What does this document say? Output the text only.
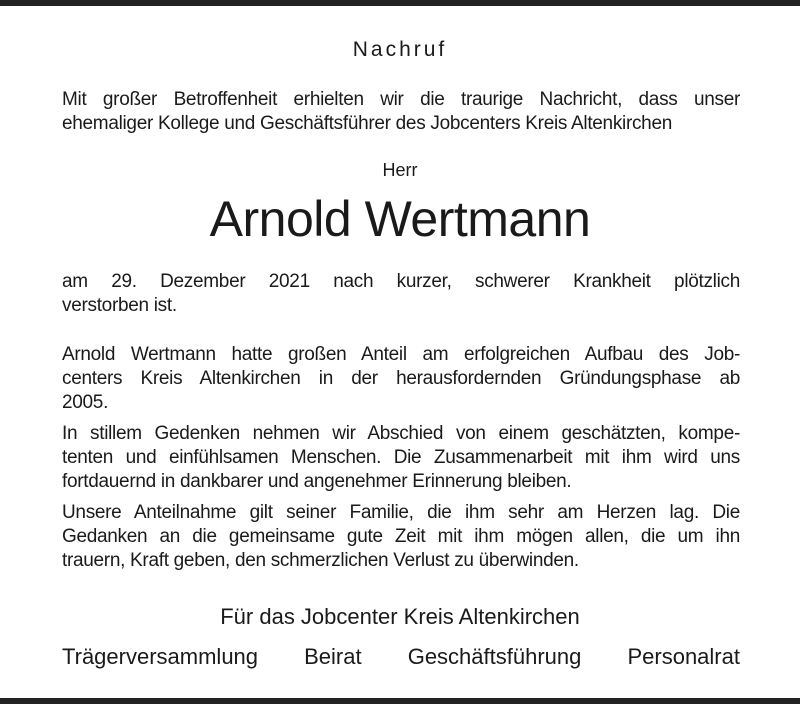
Nachruf
Mit großer Betroffenheit erhielten wir die traurige Nachricht, dass unser
ehemaliger Kollege und Geschäftsführer des Jobcenters Kreis Altenkirchen
Herr
Arnold Wertmann
am 29. Dezember 2021 nach kurzer, schwerer Krankheit plötzlich
verstorben ist.
Arnold Wertmann hatte großen Anteil am erfolgreichen Aufbau des Job-
centers Kreis Altenkirchen in der herausfordernden Gründungsphase ab
2005.
In stillem Gedenken nehmen wir Abschied von einem geschätzten, kompe-
tenten und einfühlsamen Menschen. Die Zusammenarbeit mit ihm wird uns
fortdauernd in dankbarer und angenehmer Erinnerung bleiben.
Unsere Anteilnahme gilt seiner Familie, die ihm sehr am Herzen lag. Die
Gedanken an die gemeinsame gute Zeit mit ihm mögen allen, die um ihn
trauern, Kraft geben, den schmerzlichen Verlust zu überwinden.
Für das Jobcenter Kreis Altenkirchen
Trägerversammlung Beirat Geschäftsführung Personalrat
